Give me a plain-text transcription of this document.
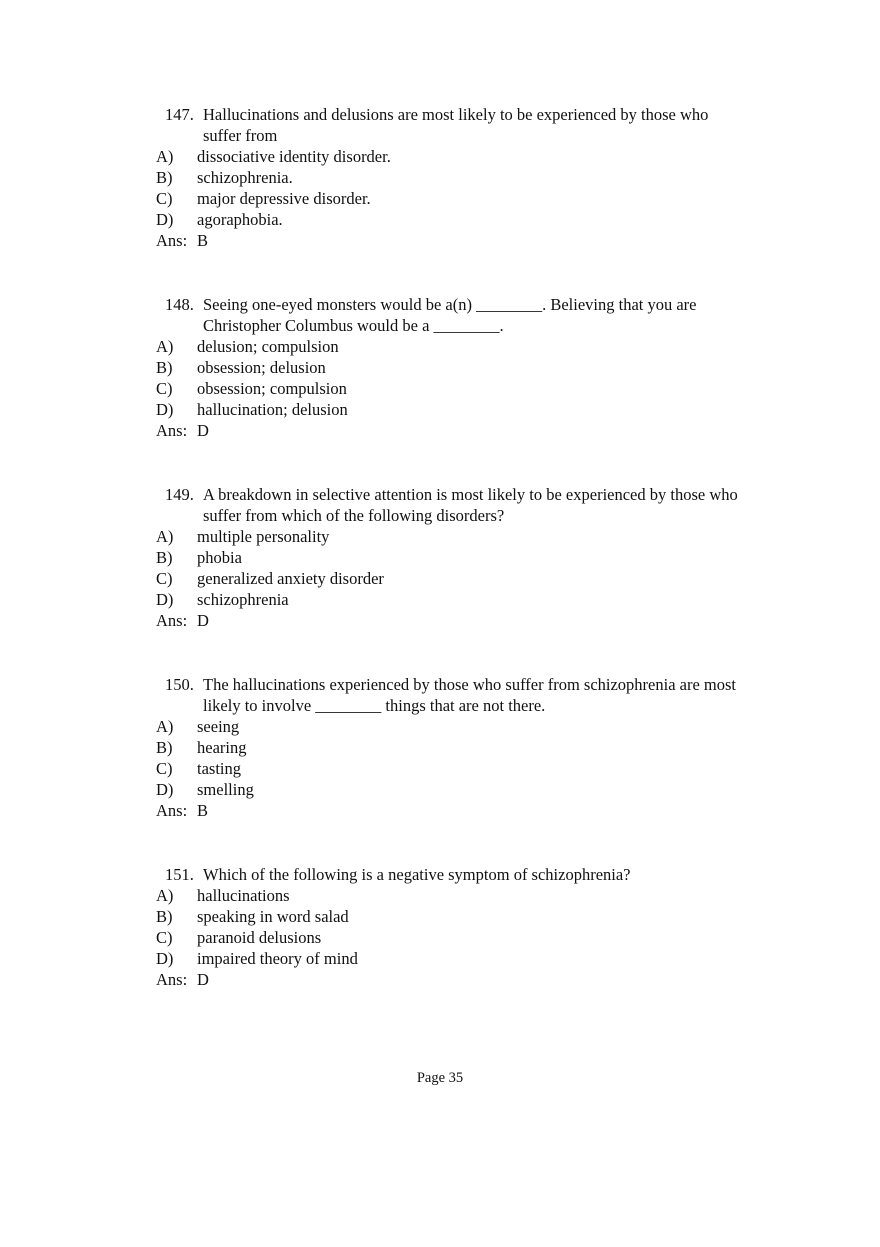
147. Hallucinations and delusions are most likely to be experienced by those who
suffer from
A) dissociative identity disorder.
B) schizophrenia.
C) major depressive disorder.
D) agoraphobia.
Ans: B
148. Seeing one-eyed monsters would be a(n) ________. Believing that you are
Christopher Columbus would be a ________.
A) delusion; compulsion
B) obsession; delusion
C) obsession; compulsion
D) hallucination; delusion
Ans: D
149. A breakdown in selective attention is most likely to be experienced by those who
suffer from which of the following disorders?
A) multiple personality
B) phobia
C) generalized anxiety disorder
D) schizophrenia
Ans: D
150. The hallucinations experienced by those who suffer from schizophrenia are most
likely to involve ________ things that are not there.
A) seeing
B) hearing
C) tasting
D) smelling
Ans: B
151. Which of the following is a negative symptom of schizophrenia?
A) hallucinations
B) speaking in word salad
C) paranoid delusions
D) impaired theory of mind
Ans: D
Page 35
